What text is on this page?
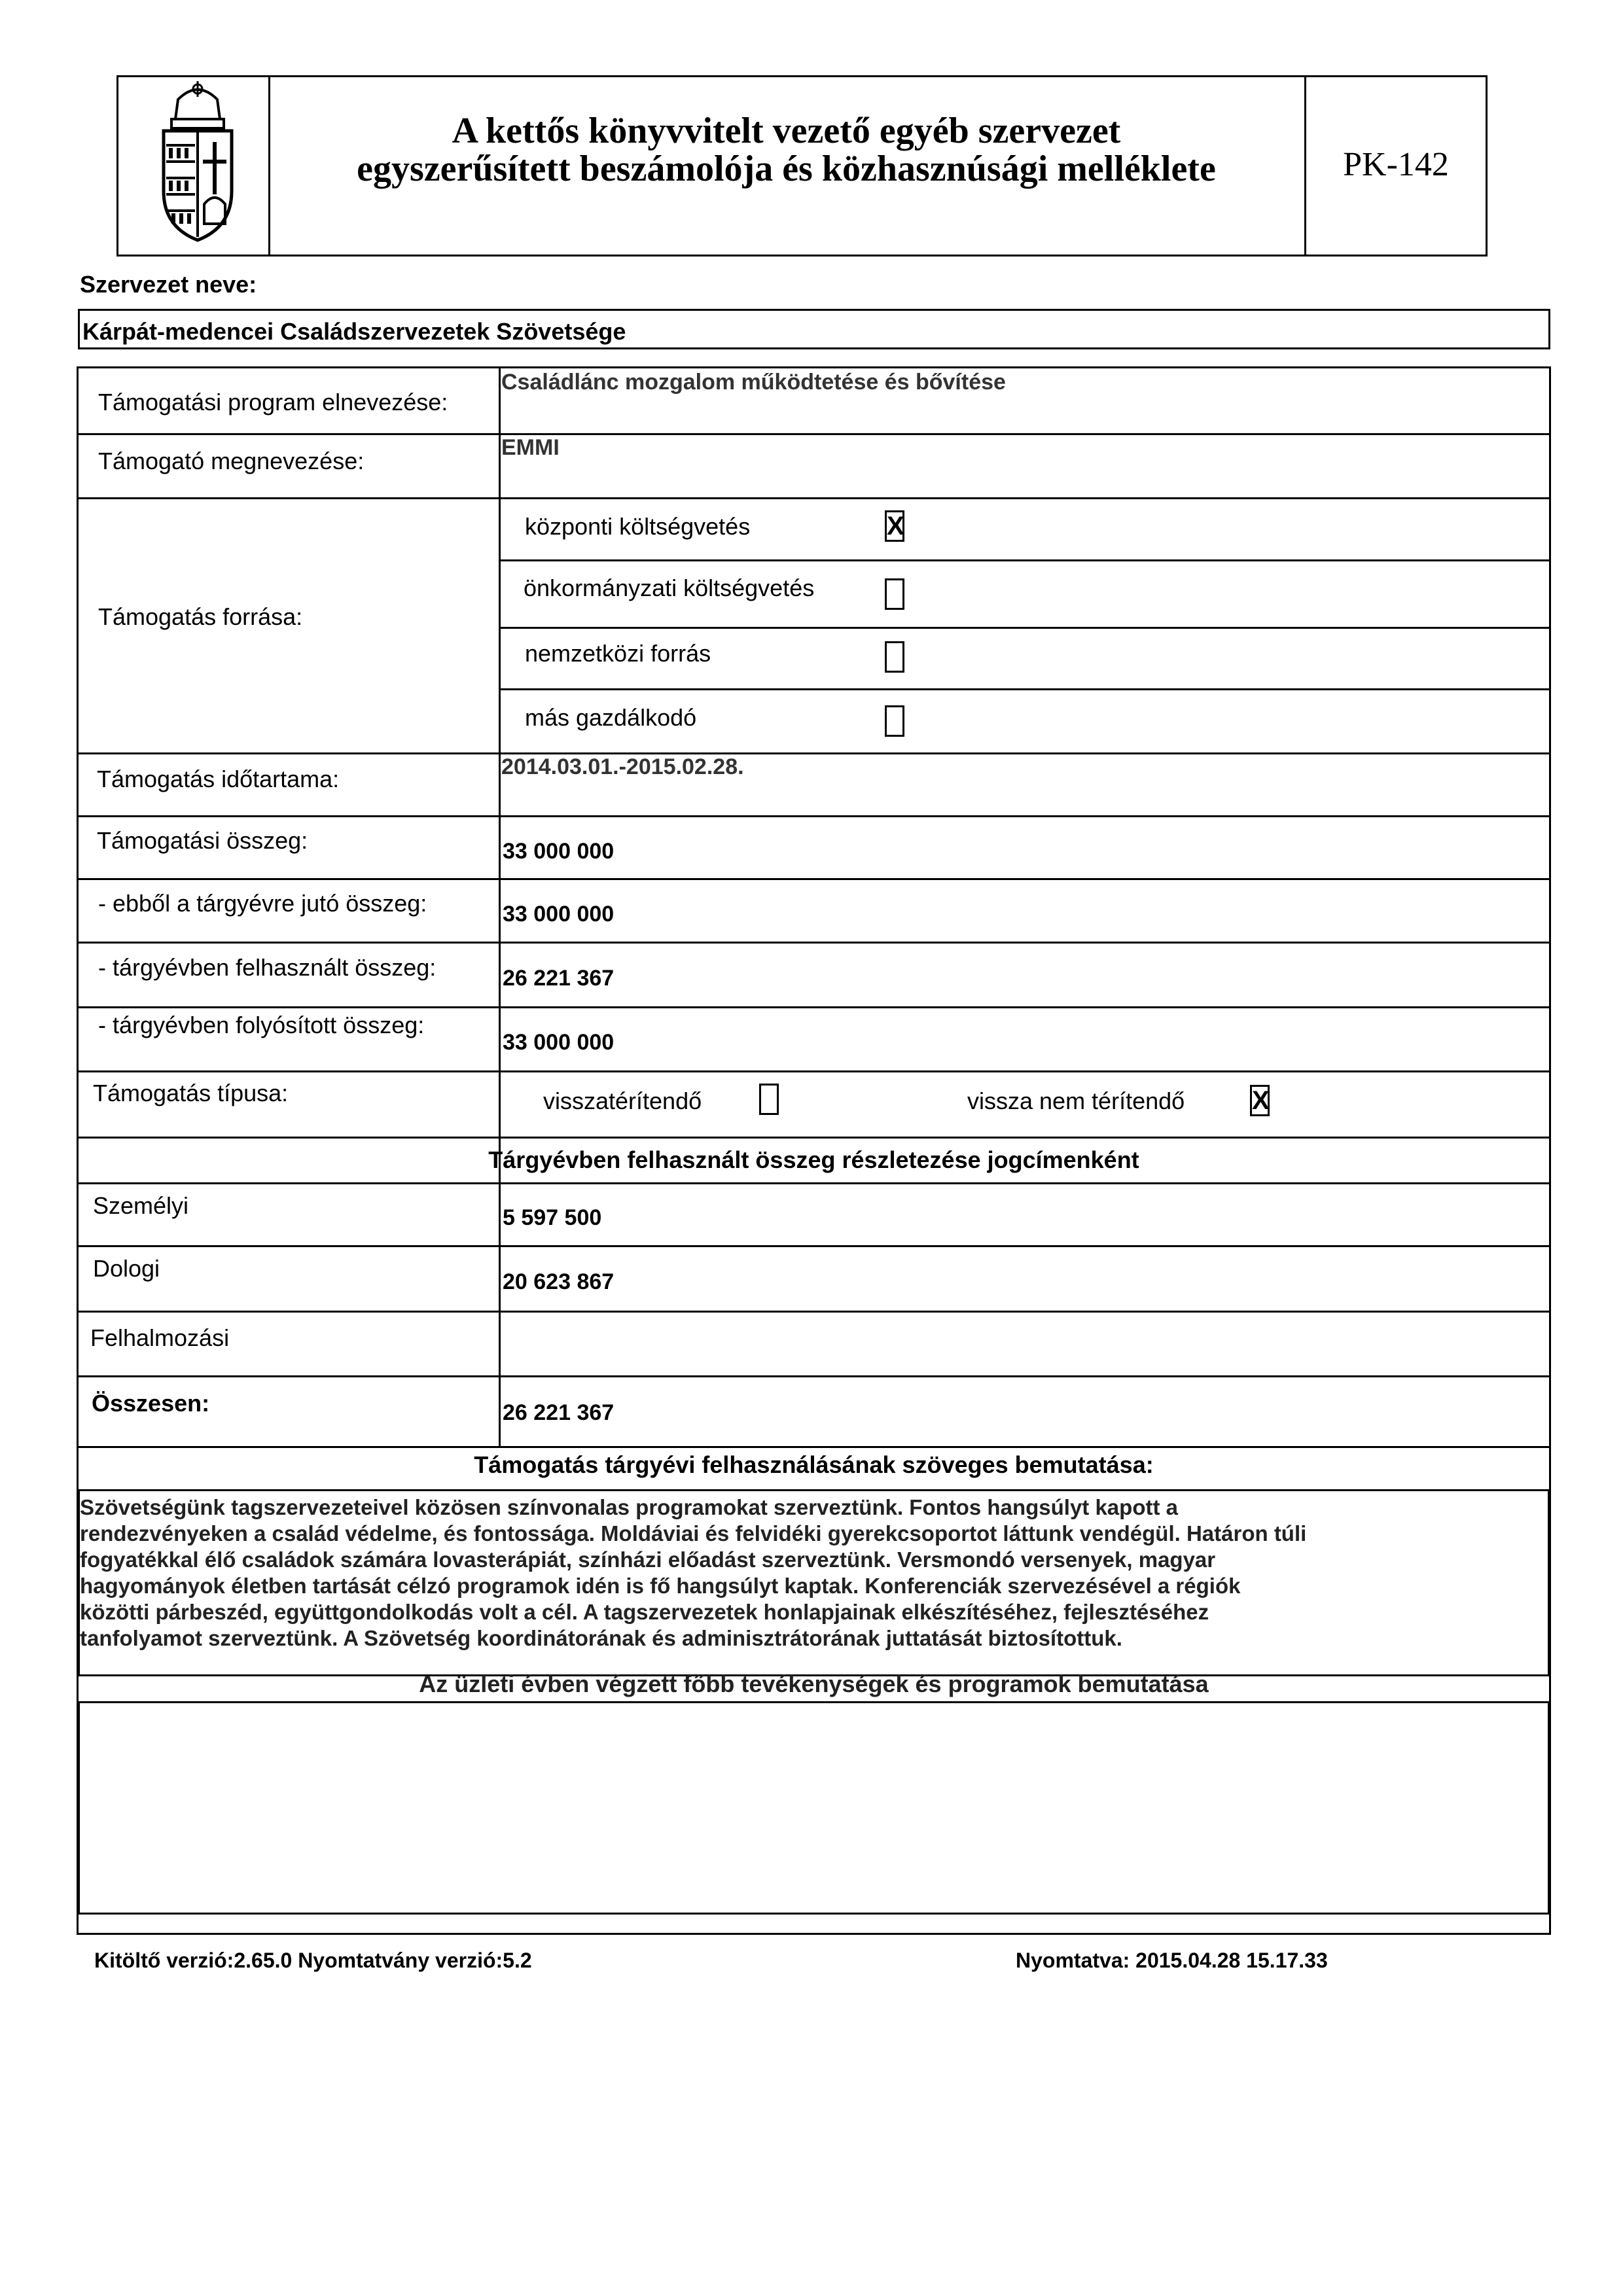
A kettős könyvvitelt vezető egyéb szervezet
egyszerűsített beszámolója és közhasznúsági melléklete	PK-142
Szervezet neve:
Kárpát-medencei Családszervezetek Szövetsége
Támogatási program elnevezése:
Családlánc mozgalom működtetése és bővítése
Támogató megnevezése:	EMMI
Támogatás forrása:
központi költségvetés	X
önkormányzati költségvetés
nemzetközi forrás
más gazdálkodó
Támogatás időtartama:	2014.03.01.-2015.02.28.
Támogatási összeg:	33 000 000
- ebből a tárgyévre jutó összeg:	33 000 000
- tárgyévben felhasznált összeg:	26 221 367
- tárgyévben folyósított összeg:
33 000 000
Támogatás típusa:	visszatérítendő	vissza nem térítendő	X
Tárgyévben felhasznált összeg részletezése jogcímenként
Személyi	5 597 500
Dologi	20 623 867
Felhalmozási
Összesen:	26 221 367
Támogatás tárgyévi felhasználásának szöveges bemutatása:
Szövetségünk tagszervezeteivel közösen színvonalas programokat szerveztünk. Fontos hangsúlyt kapott a
rendezvényeken a család védelme, és fontossága. Moldáviai és felvidéki gyerekcsoportot láttunk vendégül. Határon túli
fogyatékkal élő családok számára lovasterápiát, színházi előadást szerveztünk. Versmondó versenyek, magyar
hagyományok életben tartását célzó programok idén is fő hangsúlyt kaptak. Konferenciák szervezésével a régiók
közötti párbeszéd, együttgondolkodás volt a cél. A tagszervezetek honlapjainak elkészítéséhez, fejlesztéséhez
tanfolyamot szerveztünk. A Szövetség koordinátorának és adminisztrátorának juttatását biztosítottuk.
Az üzleti évben végzett főbb tevékenységek és programok bemutatása
Kitöltő verzió:2.65.0 Nyomtatvány verzió:5.2	Nyomtatva: 2015.04.28 15.17.33
